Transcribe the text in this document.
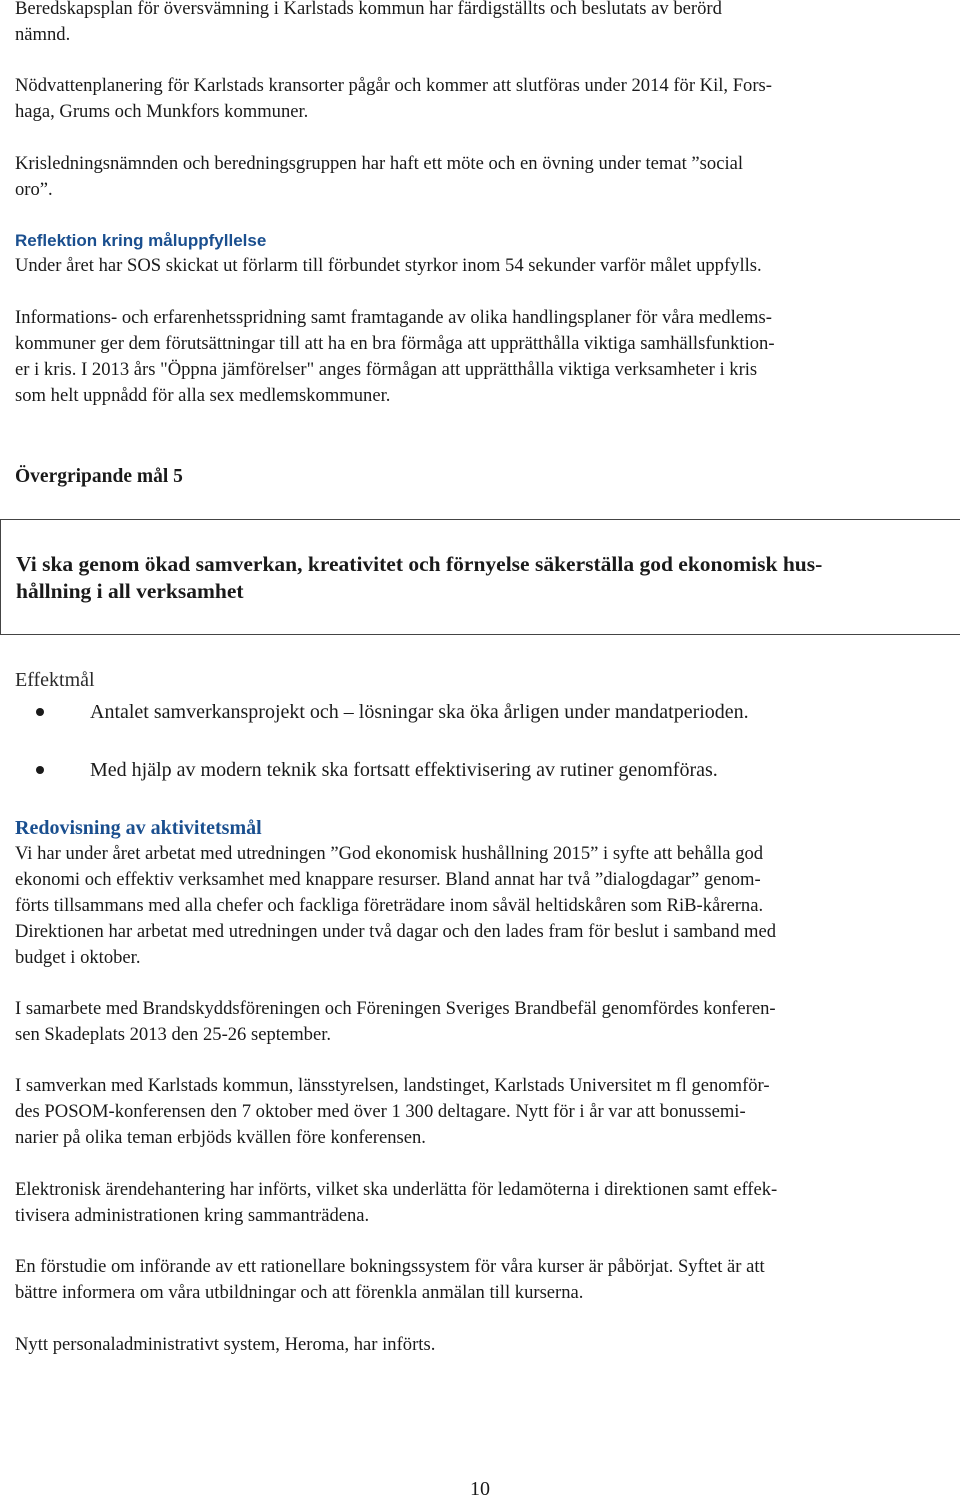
Beredskapsplan för översvämning i Karlstads kommun har färdigställts och beslutats av berörd
nämnd.
Nödvattenplanering för Karlstads kransorter pågår och kommer att slutföras under 2014 för Kil, Fors-
haga, Grums och Munkfors kommuner.
Krisledningsnämnden och beredningsgruppen har haft ett möte och en övning under temat ”social
oro”.
Reflektion kring måluppfyllelse
Under året har SOS skickat ut förlarm till förbundet styrkor inom 54 sekunder varför målet uppfylls.
Informations- och erfarenhetsspridning samt framtagande av olika handlingsplaner för våra medlems-
kommuner ger dem förutsättningar till att ha en bra förmåga att upprätthålla viktiga samhällsfunktion-
er i kris. I 2013 års "Öppna jämförelser" anges förmågan att upprätthålla viktiga verksamheter i kris
som helt uppnådd för alla sex medlemskommuner.
Övergripande mål 5
Vi ska genom ökad samverkan, kreativitet och förnyelse säkerställa god ekonomisk hus-
hållning i all verksamhet
Effektmål
Antalet samverkansprojekt och – lösningar ska öka årligen under mandatperioden.
Med hjälp av modern teknik ska fortsatt effektivisering av rutiner genomföras.
Redovisning av aktivitetsmål
Vi har under året arbetat med utredningen ”God ekonomisk hushållning 2015” i syfte att behålla god
ekonomi och effektiv verksamhet med knappare resurser. Bland annat har två ”dialogdagar” genom-
förts tillsammans med alla chefer och fackliga företrädare inom såväl heltidskåren som RiB-kårerna.
Direktionen har arbetat med utredningen under två dagar och den lades fram för beslut i samband med
budget i oktober.
I samarbete med Brandskyddsföreningen och Föreningen Sveriges Brandbefäl genomfördes konferen-
sen Skadeplats 2013 den 25-26 september.
I samverkan med Karlstads kommun, länsstyrelsen, landstinget, Karlstads Universitet m fl genomför-
des POSOM-konferensen den 7 oktober med över 1 300 deltagare. Nytt för i år var att bonussemi-
narier på olika teman erbjöds kvällen före konferensen.
Elektronisk ärendehantering har införts, vilket ska underlätta för ledamöterna i direktionen samt effek-
tivisera administrationen kring sammanträdena.
En förstudie om införande av ett rationellare bokningssystem för våra kurser är påbörjat. Syftet är att
bättre informera om våra utbildningar och att förenkla anmälan till kurserna.
Nytt personaladministrativt system, Heroma, har införts.
10
